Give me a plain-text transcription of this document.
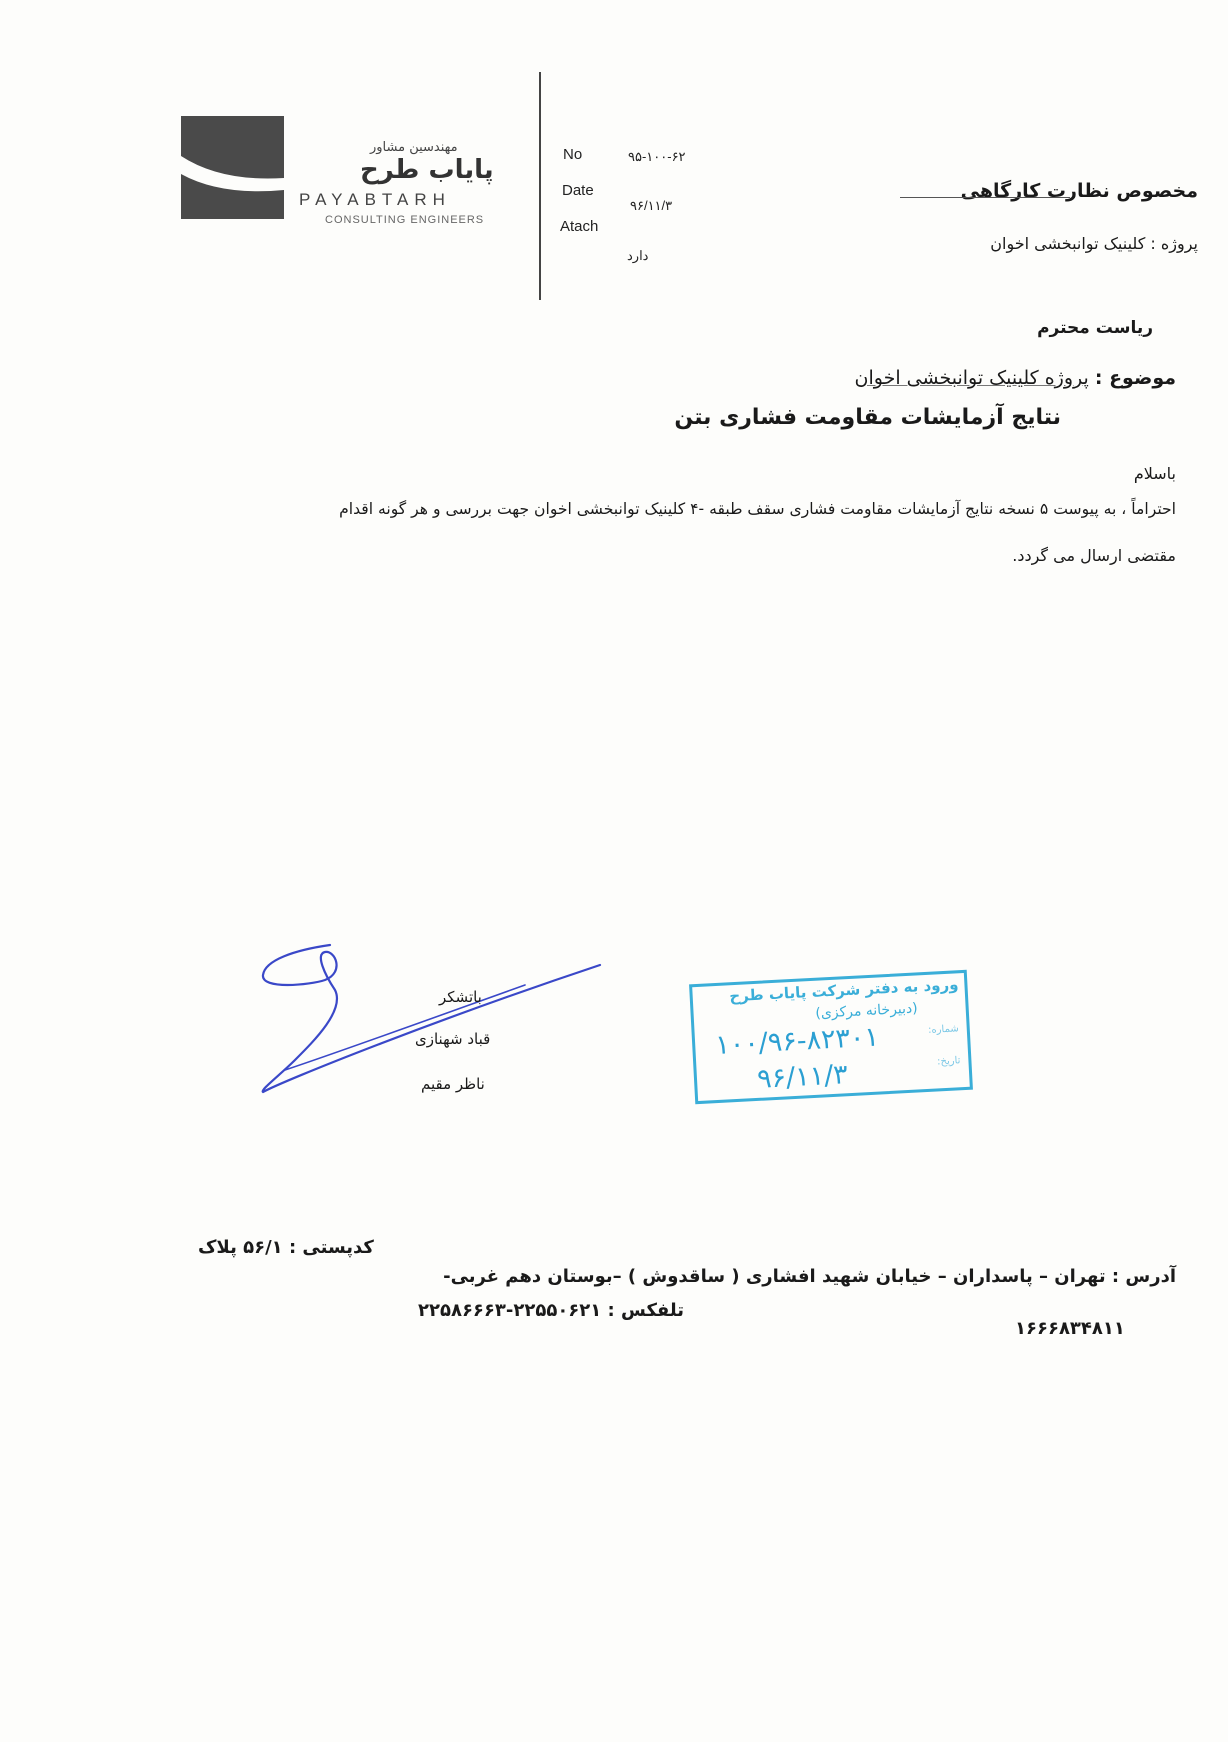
مهندسین مشاور
پایاب طرح
PAYABTARH
CONSULTING ENGINEERS
No	۹۵-۱۰۰-۶۲
Date
۹۶/۱۱/۳
Atach
دارد
مخصوص نظارت کارگاهی
پروژه : کلینیک توانبخشی اخوان
ریاست محترم
موضوع : پروژه کلینیک توانبخشی اخوان
نتایج آزمایشات مقاومت فشاری بتن
باسلام
احتراماً ، به پیوست ۵ نسخه نتایج آزمایشات مقاومت فشاری سقف طبقه -۴ کلینیک توانبخشی اخوان جهت بررسی و هر گونه اقدام
مقتضی ارسال می گردد.
باتشکر
قباد شهنازی
ناظر مقیم
ورود به دفتر شرکت پایاب طرح
(دبیرخانه مرکزی)
شماره:
تاریخ:
۱۰۰/۹۶-۸۲۳۰۱
۹۶/۱۱/۳
کدپستی : ۵۶/۱ پلاک
آدرس : تهران – پاسداران – خیابان شهید افشاری ( ساقدوش ) –بوستان دهم غربی-
تلفکس : ۲۲۵۵۰۶۲۱-۲۲۵۸۶۶۶۳
۱۶۶۶۸۳۴۸۱۱
